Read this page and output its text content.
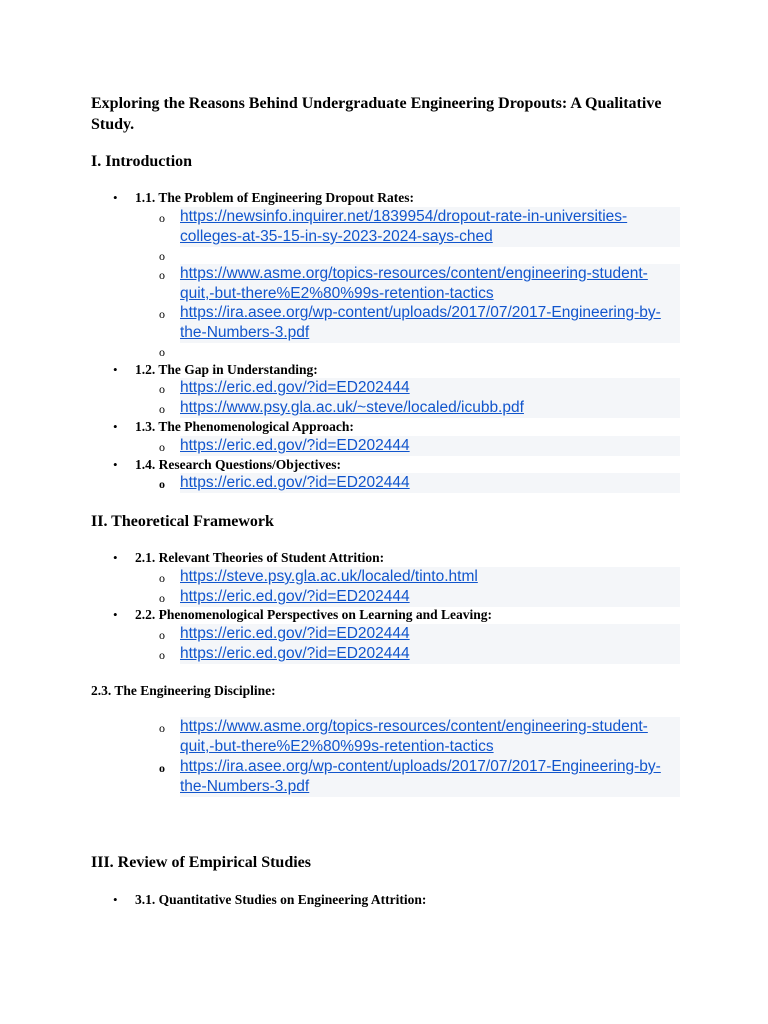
Exploring the Reasons Behind Undergraduate Engineering Dropouts: A Qualitative Study.
I. Introduction
• 1.1. The Problem of Engineering Dropout Rates:
o https://newsinfo.inquirer.net/1839954/dropout-rate-in-universities-colleges-at-35-15-in-sy-2023-2024-says-ched
o
o https://www.asme.org/topics-resources/content/engineering-student-quit,-but-there%E2%80%99s-retention-tactics
o https://ira.asee.org/wp-content/uploads/2017/07/2017-Engineering-by-the-Numbers-3.pdf
o
• 1.2. The Gap in Understanding:
o https://eric.ed.gov/?id=ED202444
o https://www.psy.gla.ac.uk/~steve/localed/icubb.pdf
• 1.3. The Phenomenological Approach:
o https://eric.ed.gov/?id=ED202444
• 1.4. Research Questions/Objectives:
o https://eric.ed.gov/?id=ED202444
II. Theoretical Framework
• 2.1. Relevant Theories of Student Attrition:
o https://steve.psy.gla.ac.uk/localed/tinto.html
o https://eric.ed.gov/?id=ED202444
• 2.2. Phenomenological Perspectives on Learning and Leaving:
o https://eric.ed.gov/?id=ED202444
o https://eric.ed.gov/?id=ED202444
2.3. The Engineering Discipline:
o https://www.asme.org/topics-resources/content/engineering-student-quit,-but-there%E2%80%99s-retention-tactics
o https://ira.asee.org/wp-content/uploads/2017/07/2017-Engineering-by-the-Numbers-3.pdf
III. Review of Empirical Studies
• 3.1. Quantitative Studies on Engineering Attrition:
